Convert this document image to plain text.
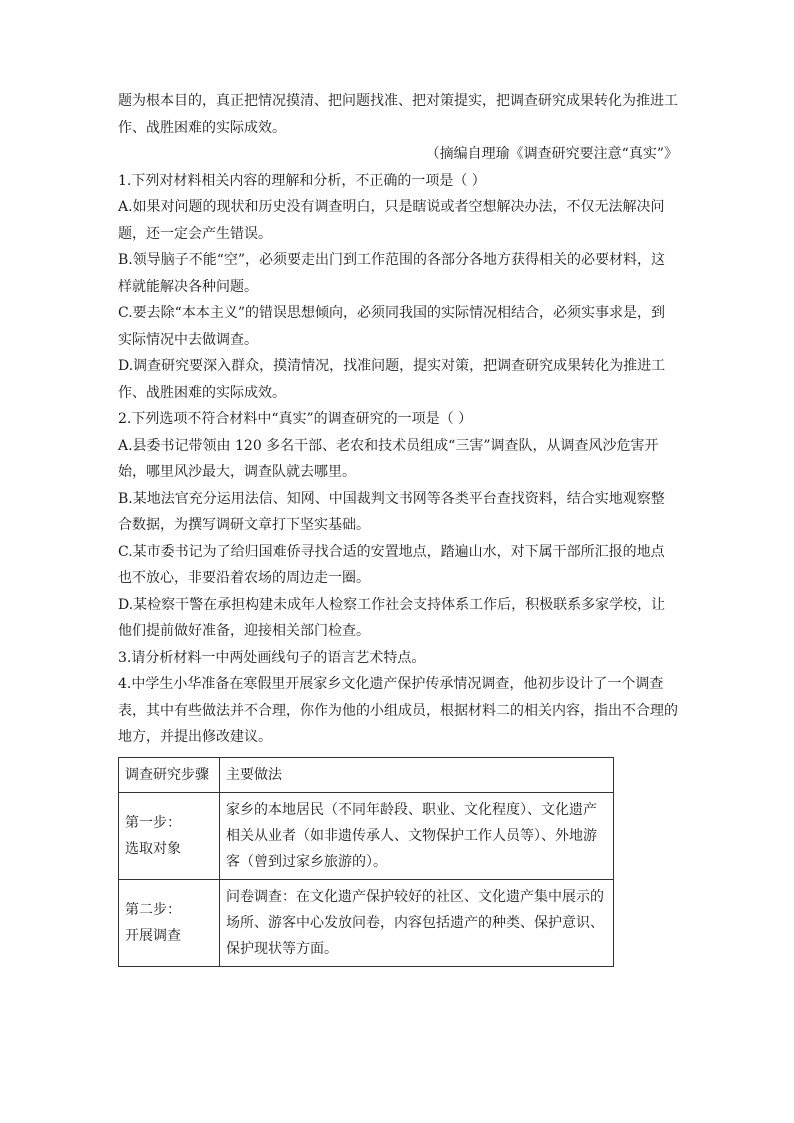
题为根本目的，真正把情况摸清、把问题找准、把对策提实，把调查研究成果转化为推进工作、战胜困难的实际成效。

（摘编自理瑜《调查研究要注意“真实”》

1.下列对材料相关内容的理解和分析，不正确的一项是（ ）

A.如果对问题的现状和历史没有调查明白，只是瞎说或者空想解决办法，不仅无法解决问题，还一定会产生错误。

B.领导脑子不能“空”，必须要走出门到工作范围的各部分各地方获得相关的必要材料，这样就能解决各种问题。

C.要去除“本本主义”的错误思想倾向，必须同我国的实际情况相结合，必须实事求是，到实际情况中去做调查。

D.调查研究要深入群众，摸清情况，找准问题，提实对策，把调查研究成果转化为推进工作、战胜困难的实际成效。

2.下列选项不符合材料中“真实”的调查研究的一项是（ ）

A.县委书记带领由 120 多名干部、老农和技术员组成“三害”调查队，从调查风沙危害开始，哪里风沙最大，调查队就去哪里。

B.某地法官充分运用法信、知网、中国裁判文书网等各类平台查找资料，结合实地观察整合数据，为撰写调研文章打下坚实基础。

C.某市委书记为了给归国难侨寻找合适的安置地点，踏遍山水，对下属干部所汇报的地点也不放心，非要沿着农场的周边走一圈。

D.某检察干警在承担构建未成年人检察工作社会支持体系工作后，积极联系多家学校，让他们提前做好准备，迎接相关部门检查。

3.请分析材料一中两处画线句子的语言艺术特点。

4.中学生小华准备在寒假里开展家乡文化遗产保护传承情况调查，他初步设计了一个调查表，其中有些做法并不合理，你作为他的小组成员，根据材料二的相关内容，指出不合理的地方，并提出修改建议。

调查研究步骤	主要做法

第一步：
选取对象	家乡的本地居民（不同年龄段、职业、文化程度）、文化遗产相关从业者（如非遗传承人、文物保护工作人员等）、外地游客（曾到过家乡旅游的）。

第二步：
开展调查	问卷调查：在文化遗产保护较好的社区、文化遗产集中展示的场所、游客中心发放问卷，内容包括遗产的种类、保护意识、保护现状等方面。
